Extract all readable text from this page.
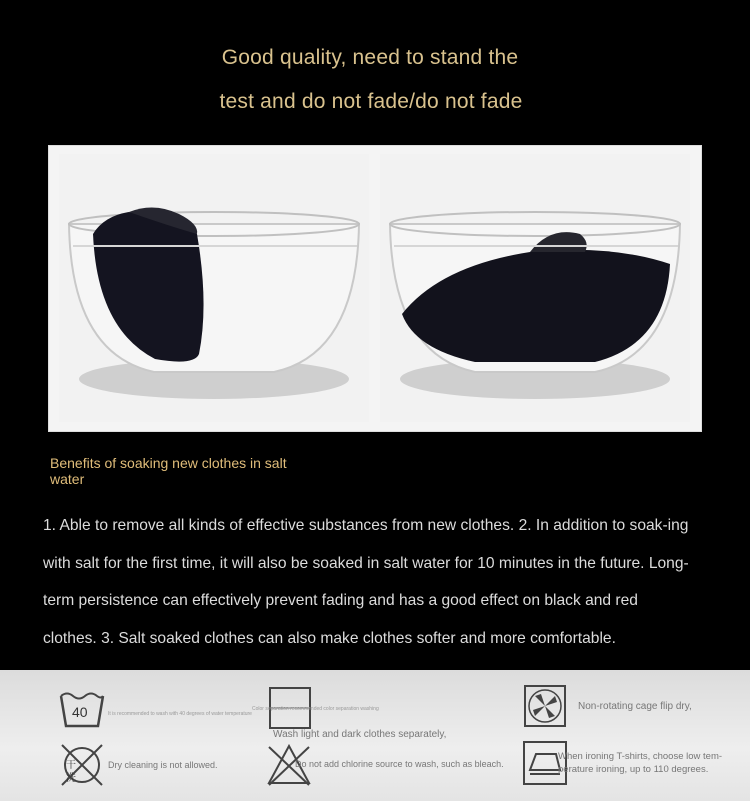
Good quality, need to stand the
test and do not fade/do not fade
Benefits of soaking new clothes in salt water
1. Able to remove all kinds of effective substances from new clothes. 2. In addition to soak-ing with salt for the first time, it will also be soaked in salt water for 10 minutes in the future. Long-term persistence can effectively prevent fading and has a good effect on black and red clothes. 3. Salt soaked clothes can also make clothes softer and more comfortable.
40	It is recommended to wash with 40 degrees of water temperature
Color separation recommended color separation washing
Wash light and dark clothes separately,
Non-rotating cage flip dry,
干洗
Dry cleaning is not allowed.	Do not add chlorine source to wash, such as bleach.
When ironing T-shirts, choose low tem-perature ironing, up to 110 degrees.
